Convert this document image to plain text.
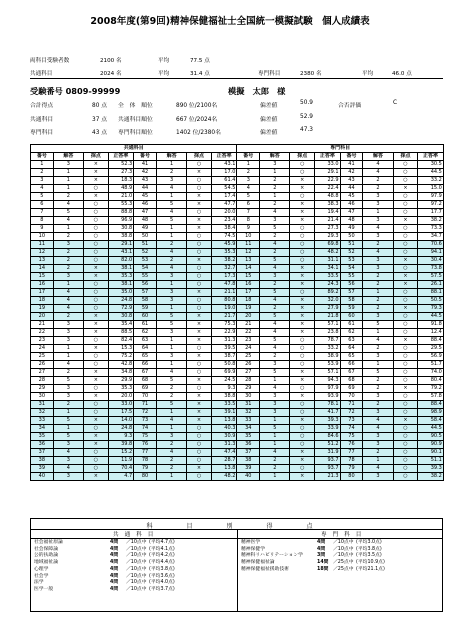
2008年度(第9回)精神保健福祉士全国統一模擬試験　個人成績表
両科目受験者数	2100 名	平均	77.5 点
共通科目	2024 名	平均	31.4 点	専門科目	2380 名	平均	46.0 点
受験番号 0809-99999	模擬　太郎　様
合計得点	80 点 全　体　順位	890 位/2100名	偏差値	50.9	合否評価	C
共通科目	37 点 共通科目順位	667 位/2024名	偏差値	52.9
専門科目	43 点 専門科目順位	1402 位/2380名	偏差値	47.3
共通科目								専門科目							
番号	解答	採点	正答率	番号	解答	採点	正答率	番号	解答	採点	正答率	番号	解答	採点	正答率
1	3	×	52.3	41	1	○	43.1	1	3	○	33.0	41	4	○	30.5
2	1	×	27.3	42	2	×	17.0	2	1	○	29.1	42	4	○	44.5
3	1	×	18.3	43	3	○	61.4	3	2	×	22.9	43	2	○	33.2
4	1	○	48.9	44	4	○	54.5	4	2	×	22.4	44	2	×	15.0
5	2	×	21.0	45	1	×	17.4	5	1	○	48.8	45	3	○	97.9
6	4	○	55.3	46	5	×	47.7	6	2	×	38.3	46	3	○	97.2
7	5	○	88.8	47	4	○	20.0	7	4	×	19.4	47	1	○	17.7
8	4	○	96.9	48	5	×	23.4	8	3	×	21.4	48	3	×	38.2
9	1	○	30.8	49	1	×	38.4	9	5	○	27.3	49	4	○	73.3
10	2	○	38.8	50	1	○	74.5	10	2	○	29.3	50	3	○	34.7
11	3	○	29.1	51	2	○	45.9	11	4	○	69.8	51	2	○	70.6
12	2	○	43.1	52	4	○	35.3	12	2	○	48.2	52	4	○	94.1
13	2	○	82.0	53	2	×	38.2	13	5	○	31.1	53	3	×	30.4
14	2	×	38.1	54	4	○	32.7	14	4	×	34.1	54	3	○	73.8
15	3	×	35.3	55	3	○	17.3	15	3	×	33.5	55	2	×	57.5
16	1	○	38.1	56	1	○	47.8	16	2	×	24.3	56	2	×	26.1
17	4	○	35.0	57	3	×	21.1	17	5	○	89.2	57	1	○	88.1
18	4	○	24.8	58	3	○	80.8	18	4	×	32.0	58	2	○	50.5
19	4	○	72.9	59	1	○	19.0	19	2	×	27.9	59	2	×	79.3
20	2	×	30.8	60	5	×	21.7	20	5	×	21.8	60	3	○	44.5
21	3	×	35.4	61	5	×	75.3	21	4	×	57.1	61	5	○	91.8
22	3	×	88.5	62	3	×	22.9	22	4	×	23.8	62	1	○	12.4
23	3	○	82.4	63	1	×	31.3	23	5	○	78.7	63	4	×	88.4
24	1	×	15.3	64	1	○	39.5	24	4	○	33.2	64	2	○	29.5
25	1	○	75.2	65	3	×	38.7	25	2	○	38.9	65	3	○	56.9
26	4	○	42.8	66	1	○	50.8	26	3	○	53.9	66	1	○	51.7
27	2	×	34.8	67	4	○	69.9	27	5	×	57.1	67	5	○	74.0
28	5	×	29.9	68	5	×	24.5	28	1	×	94.3	68	2	○	80.4
29	3	○	35.3	69	2	○	9.3	29	4	○	97.9	69	2	×	79.2
30	3	×	20.0	70	2	×	38.8	30	3	×	93.9	70	3	○	57.8
31	2	○	33.0	71	5	×	33.5	31	3	○	78.1	71	2	○	88.4
32	1	○	17.5	72	1	×	39.1	32	3	○	41.7	72	3	○	98.9
33	5	×	14.0	73	4	×	13.8	33	1	×	39.3	73	4	×	58.4
34	1	○	24.8	74	1	○	40.3	34	5	○	33.9	74	4	○	44.5
35	5	×	9.3	75	3	○	30.9	35	1	○	84.6	75	3	○	90.5
36	3	×	39.8	76	2	○	31.3	36	1	○	51.2	76	3	○	90.9
37	4	○	15.2	77	4	○	47.4	37	4	×	31.9	77	2	○	90.1
38	3	○	11.9	78	2	○	28.7	38	2	×	93.7	78	1	○	51.1
39	4	○	70.4	79	2	×	13.8	39	2	○	93.7	79	4	○	39.3
40	3	×	4.7	80	1	○	48.2	40	1	×	21.3	80	3	○	38.2
科　目　別　得　点
共通科目	専門科目
社会福祉原論	4問 ／10点中 (平均4.7点)
社会保障論	4問 ／10点中 (平均4.1点)
公的扶助論	4問 ／10点中 (平均4.2点)
地域福祉論	4問 ／10点中 (平均4.4点)
心理学	4問 ／10点中 (平均3.8点)
社会学	4問 ／10点中 (平均3.6点)
法学	4問 ／10点中 (平均4.0点)
医学一般	4問 ／10点中 (平均3.7点)
精神医学	4問 ／10点中 (平均3.0点)
精神保健学	4問 ／10点中 (平均3.8点)
精神科リハビリテーション学	3問 ／10点中 (平均3.5点)
精神保健福祉論	14問 ／25点中 (平均10.9点)
精神保健福祉援助技術	18問 ／25点中 (平均21.1点)
